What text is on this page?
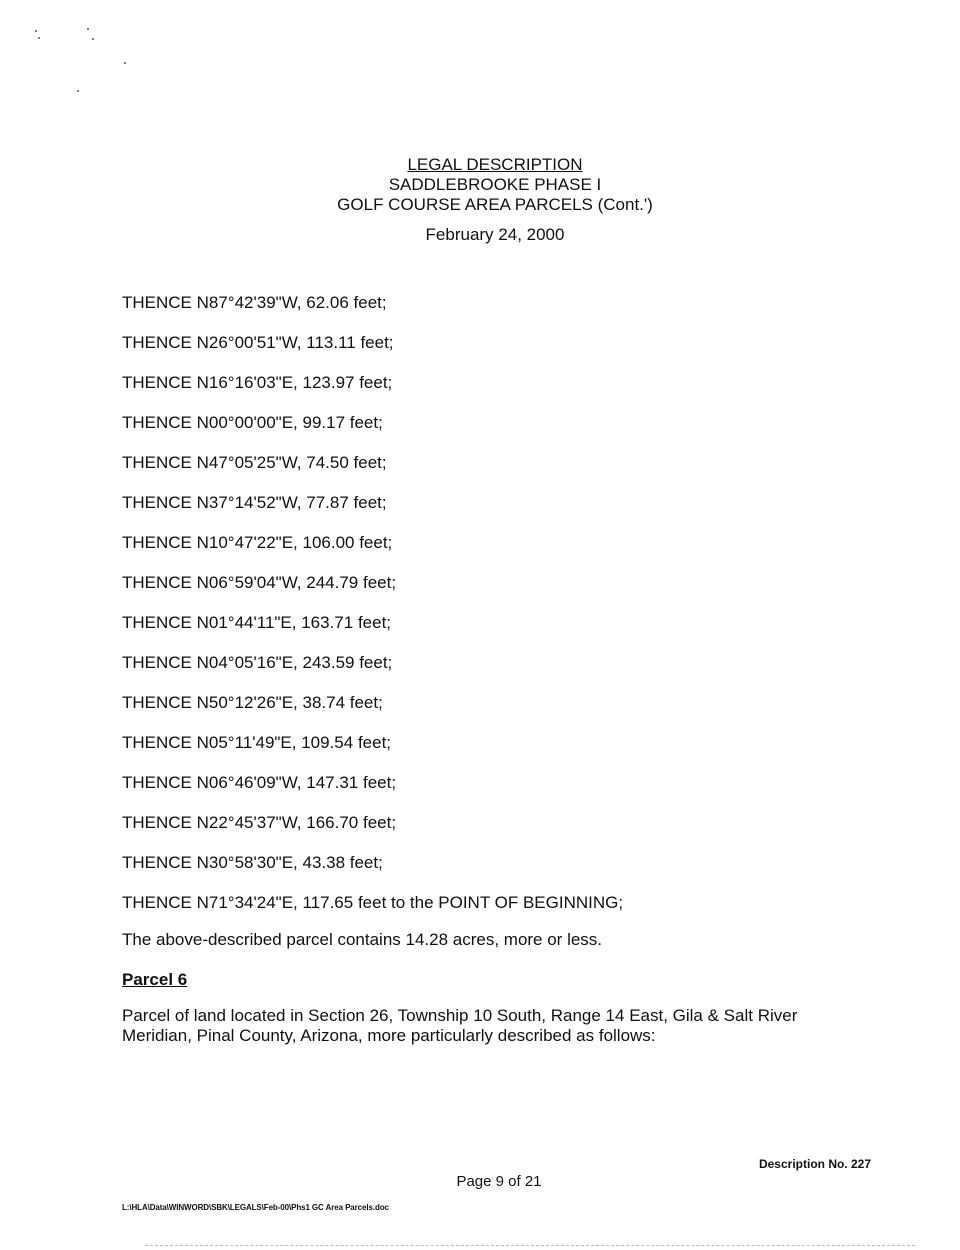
LEGAL DESCRIPTION
SADDLEBROOKE PHASE I
GOLF COURSE AREA PARCELS (Cont.')
February 24, 2000
THENCE N87°42'39"W, 62.06 feet;
THENCE N26°00'51"W, 113.11 feet;
THENCE N16°16'03"E, 123.97 feet;
THENCE N00°00'00"E, 99.17 feet;
THENCE N47°05'25"W, 74.50 feet;
THENCE N37°14'52"W, 77.87 feet;
THENCE N10°47'22"E, 106.00 feet;
THENCE N06°59'04"W, 244.79 feet;
THENCE N01°44'11"E, 163.71 feet;
THENCE N04°05'16"E, 243.59 feet;
THENCE N50°12'26"E, 38.74 feet;
THENCE N05°11'49"E, 109.54 feet;
THENCE N06°46'09"W, 147.31 feet;
THENCE N22°45'37"W, 166.70 feet;
THENCE N30°58'30"E, 43.38 feet;
THENCE N71°34'24"E, 117.65 feet to the POINT OF BEGINNING;
The above-described parcel contains 14.28 acres, more or less.
Parcel 6
Parcel of land located in Section 26, Township 10 South, Range 14 East, Gila & Salt River
Meridian, Pinal County, Arizona, more particularly described as follows:
Description No. 227
Page 9 of 21
L:\HLA\Data\WINWORD\SBK\LEGALS\Feb-00\Phs1 GC Area Parcels.doc
